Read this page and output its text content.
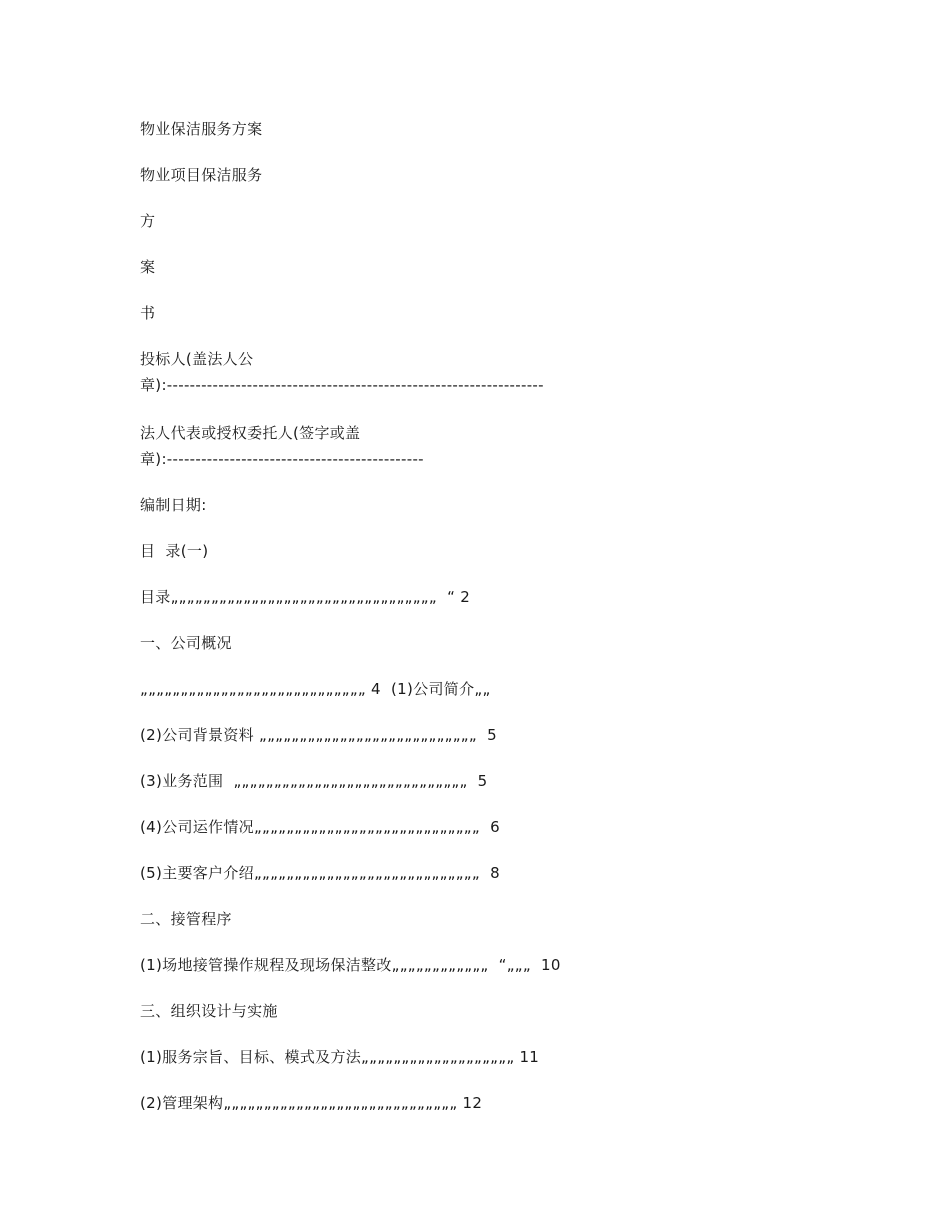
物业保洁服务方案
物业项目保洁服务
方
案
书
投标人(盖法人公
章):------------------------------------------------------------------
法人代表或授权委托人(签字或盖
章):---------------------------------------------
编制日期:
目  录(一)
目录„„„„„„„„„„„„„„„„„„„„„„„„„„„„„„„„„  “ 2
一、公司概况
„„„„„„„„„„„„„„„„„„„„„„„„„„„„ 4  (1)公司简介„„
(2)公司背景资料 „„„„„„„„„„„„„„„„„„„„„„„„„„„  5
(3)业务范围  „„„„„„„„„„„„„„„„„„„„„„„„„„„„„  5
(4)公司运作情况„„„„„„„„„„„„„„„„„„„„„„„„„„„„  6
(5)主要客户介绍„„„„„„„„„„„„„„„„„„„„„„„„„„„„  8
二、接管程序
(1)场地接管操作规程及现场保洁整改„„„„„„„„„„„„  “„„„  10
三、组织设计与实施
(1)服务宗旨、目标、模式及方法„„„„„„„„„„„„„„„„„„„ 11
(2)管理架构„„„„„„„„„„„„„„„„„„„„„„„„„„„„„ 12
